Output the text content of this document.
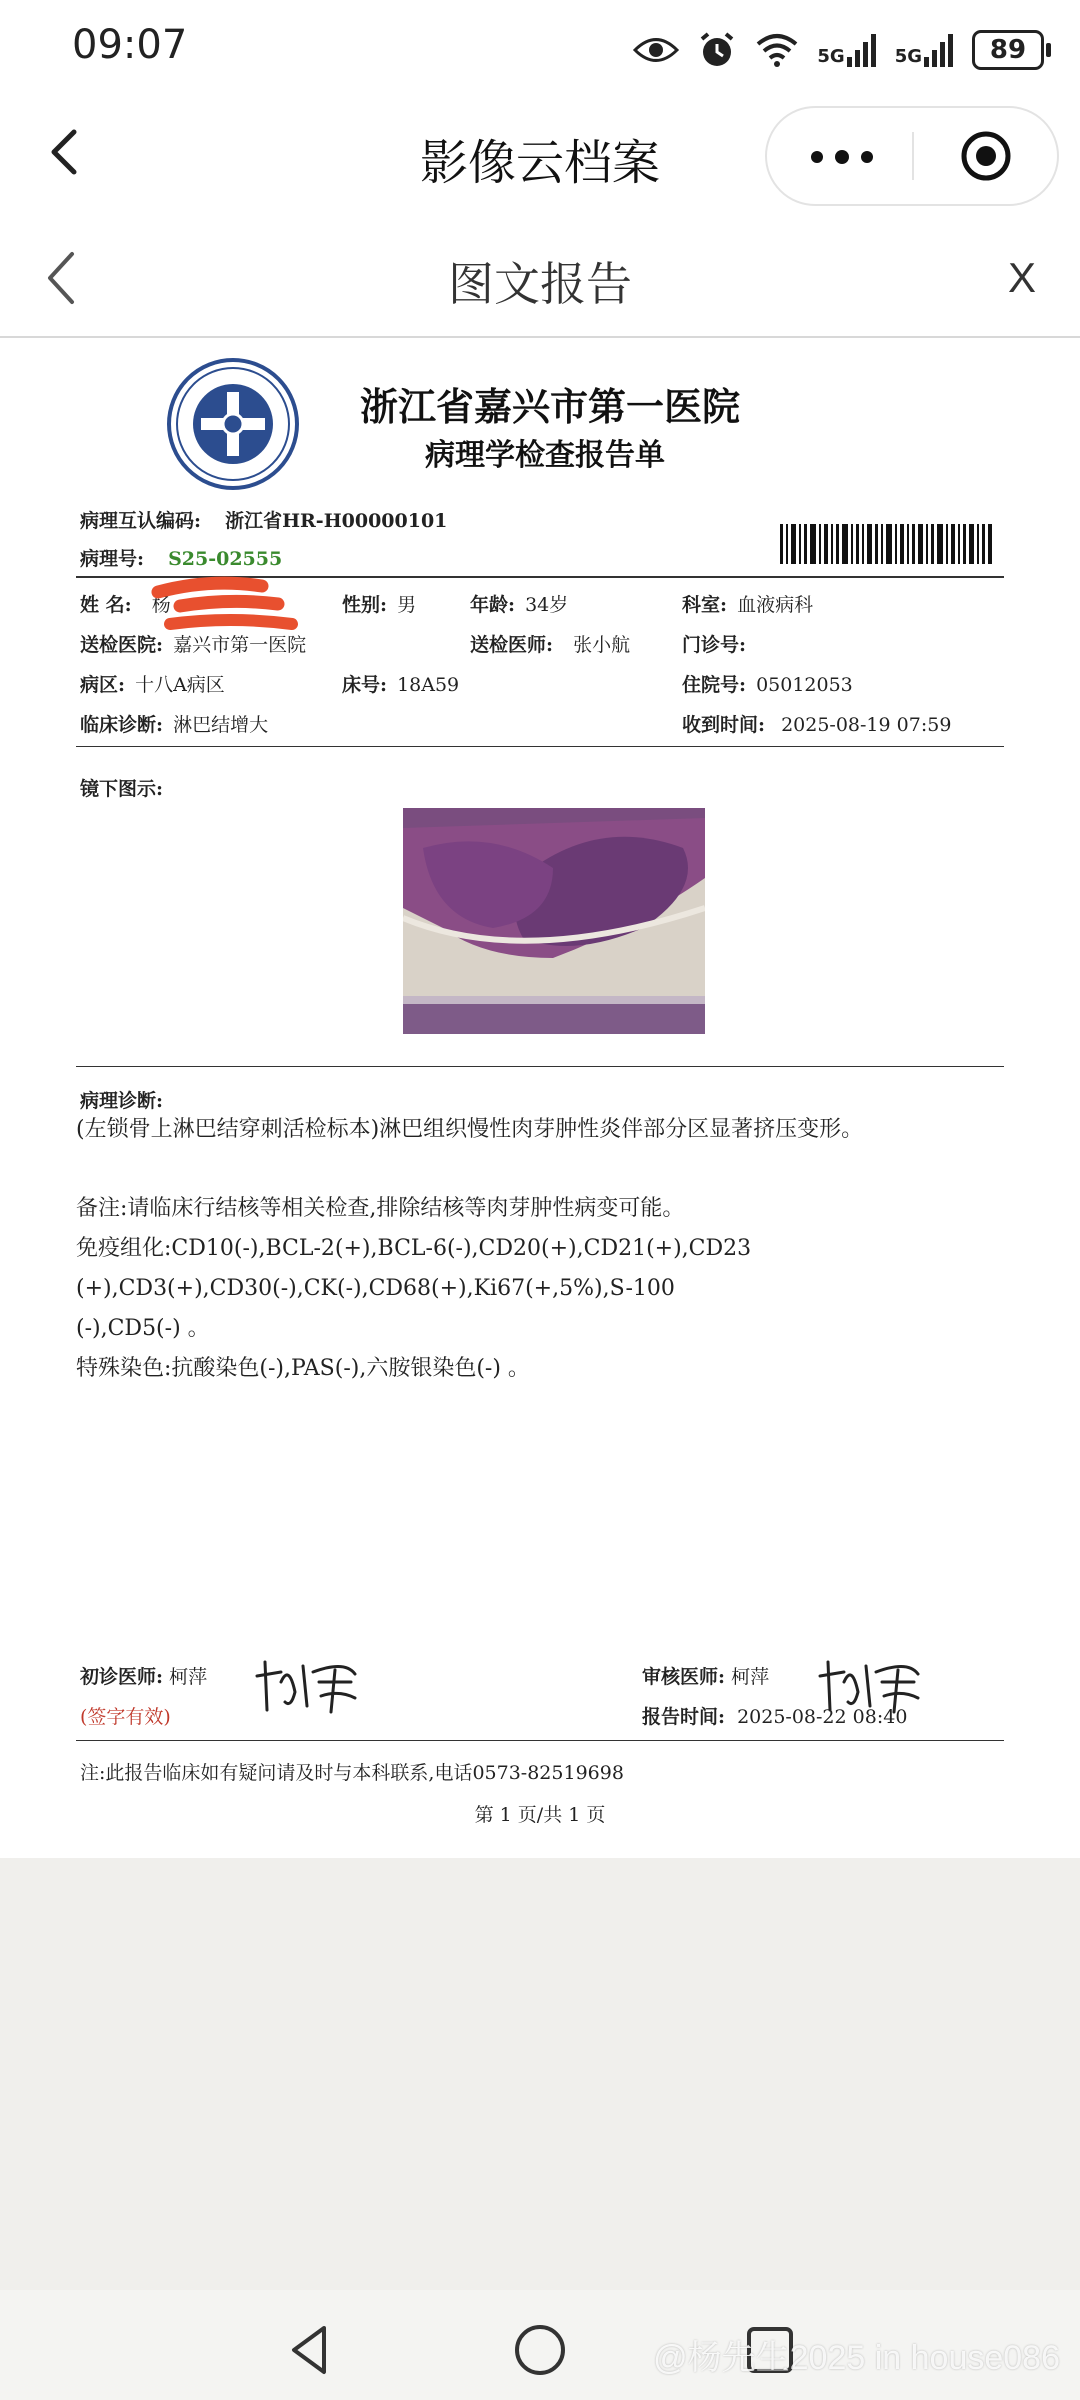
09:07	5G	5G	89
影像云档案
图文报告	X
浙江省嘉兴市第一医院
病理学检查报告单
病理互认编码: 浙江省HR-H00000101
病理号: S25-02555
姓 名: 杨	性别: 男	年龄: 34岁	科室: 血液病科
送检医院: 嘉兴市第一医院	送检医师: 张小航	门诊号:
病区: 十八A病区	床号: 18A59	住院号: 05012053
临床诊断: 淋巴结增大	收到时间: 2025-08-19 07:59
镜下图示:
病理诊断:
(左锁骨上淋巴结穿刺活检标本)淋巴组织慢性肉芽肿性炎伴部分区显著挤压变形。
备注:请临床行结核等相关检查,排除结核等肉芽肿性病变可能。
免疫组化:CD10(-),BCL-2(+),BCL-6(-),CD20(+),CD21(+),CD23
(+),CD3(+),CD30(-),CK(-),CD68(+),Ki67(+,5%),S-100
(-),CD5(-) 。
特殊染色:抗酸染色(-),PAS(-),六胺银染色(-) 。
初诊医师: 柯萍
(签字有效)
审核医师: 柯萍
报告时间: 2025-08-22 08:40
注:此报告临床如有疑问请及时与本科联系,电话0573-82519698
第 1 页/共 1 页
@杨先生2025 in house086
